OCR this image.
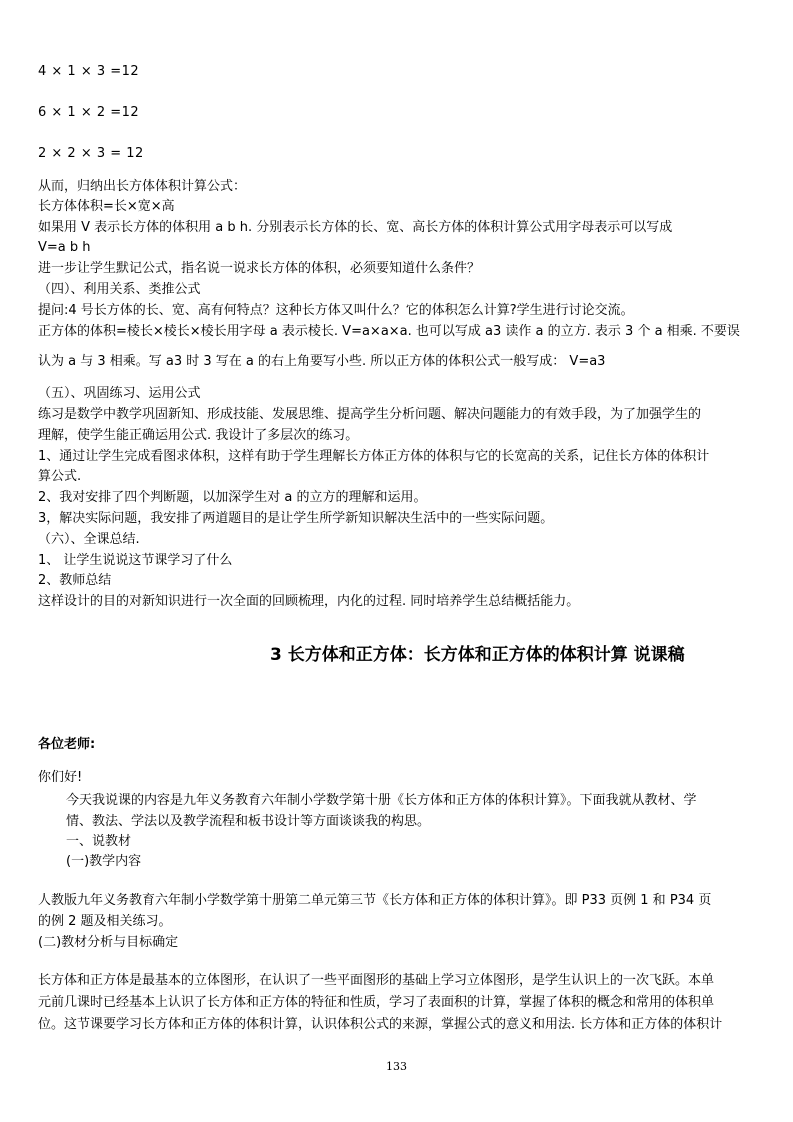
4 × 1 × 3 =12
6 × 1 × 2 =12
2 × 2 × 3 = 12
从而，归纳出长方体体积计算公式：
长方体体积=长×宽×高
如果用 V 表示长方体的体积用 a b h. 分别表示长方体的长、宽、高长方体的体积计算公式用字母表示可以写成
V=a b h
进一步让学生默记公式，指名说一说求长方体的体积，必须要知道什么条件？
（四）、利用关系、类推公式
提问:4 号长方体的长、宽、高有何特点？这种长方体又叫什么？它的体积怎么计算?学生进行讨论交流。
正方体的体积=棱长×棱长×棱长用字母 a 表示棱长. V=a×a×a. 也可以写成 a3 读作 a 的立方. 表示 3 个 a 相乘. 不要误
认为 a 与 3 相乘。写 a3 时 3 写在 a 的右上角要写小些. 所以正方体的体积公式一般写成： V=a3
（五）、巩固练习、运用公式
练习是数学中教学巩固新知、形成技能、发展思维、提高学生分析问题、解决问题能力的有效手段，为了加强学生的
理解，使学生能正确运用公式. 我设计了多层次的练习。
1、通过让学生完成看图求体积，这样有助于学生理解长方体正方体的体积与它的长宽高的关系，记住长方体的体积计
算公式.
2、我对安排了四个判断题，以加深学生对 a 的立方的理解和运用。
3，解决实际问题，我安排了两道题目的是让学生所学新知识解决生活中的一些实际问题。
（六）、全课总结.
1、 让学生说说这节课学习了什么
2、教师总结
这样设计的目的对新知识进行一次全面的回顾梳理，内化的过程. 同时培养学生总结概括能力。
3 长方体和正方体：长方体和正方体的体积计算 说课稿
各位老师:
你们好!
今天我说课的内容是九年义务教育六年制小学数学第十册《长方体和正方体的体积计算》。下面我就从教材、学
情、教法、学法以及教学流程和板书设计等方面谈谈我的构思。
一、说教材
(一)教学内容
人教版九年义务教育六年制小学数学第十册第二单元第三节《长方体和正方体的体积计算》。即 P33 页例 1 和 P34 页
的例 2 题及相关练习。
(二)教材分析与目标确定
长方体和正方体是最基本的立体图形，在认识了一些平面图形的基础上学习立体图形，是学生认识上的一次飞跃。本单
元前几课时已经基本上认识了长方体和正方体的特征和性质，学习了表面积的计算，掌握了体积的概念和常用的体积单
位。这节课要学习长方体和正方体的体积计算，认识体积公式的来源，掌握公式的意义和用法. 长方体和正方体的体积计
133
